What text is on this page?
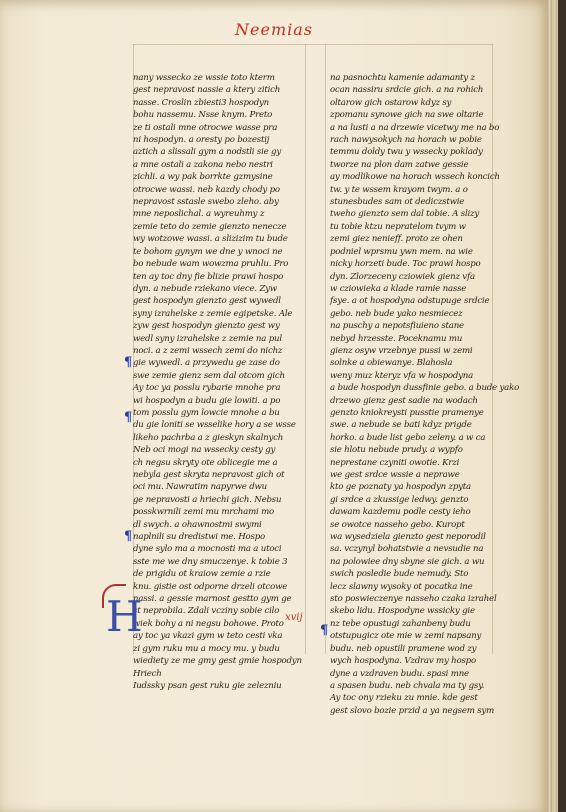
Neemias
nany wssecko ze wssie toto kterm
gest nepravost nassie a ktery zitich
nasse. Croslin zbiesti3 hospodyn
bohu nassemu. Nsse knym. Preto
ze ti ostali mne otrocwe wasse pra
ni hospodyn. a oresty po bozestij
aztich a slissali gym a nodstli sie gy
a mne ostali a zakona nebo nestri
zichli. a wy pak borrkte gzmysine
otrocwe wassi. neb kazdy chody po
nepravost sstasle swebo zleho. aby
mne neposlichal. a wyreuhmy z
zemie teto do zemie gienzto nenecze
wy wotzowe wassi. a slizizim tu bude
te bohom gynym we dne y wnoci ne
bo nebude wam wowzma pruhlu. Pro
ten ay toc dny fie blizie prawi hospo
dyn. a nebude rziekano viece. Zyw
gest hospodyn gienzto gest wywedl
syny izrahelske z zemie egipetske. Ale
zyw gest hospodyn gienzto gest wy
wedl syny izrahelske z zemie na pul
noci. a z zemi wssech zemi do nichz
gie wywedl. a przywedu ge zase do
swe zemie gienz sem dal otcom gich
Ay toc ya posslu rybarie mnohe pra
wi hospodyn a budu gie lowiti. a po
tom posslu gym lowcie mnohe a bu
du gie loniti se wsselike hory a se wsse
likeho pachrba a z gieskyn skalnych
Neb oci mogi na wssecky cesty gy
ch negsu skryty ote oblicegie me a
nebyla gest skryta nepravost gich ot
oci mu. Nawratim napyrwe dwu
ge nepravosti a hriechi gich. Nebsu
posskwrnili zemi mu mrchami mo
dl swych. a ohawnostmi swymi
naplnili su dredistwi me. Hospo
dyne sylo ma a mocnosti ma a utoci
sste me we dny smuczenye. k tobie 3
de prigidu ot kraiow zemie a rzie
knu. gistie ost odporne drzeli otcowe
nassi. a gessie marnost gestto gym ge
st neprobila. Zdali vcziny sobie cilo
wiek bohy a ni negsu bohowe. Proto
ay toc ya vkazi gym w teto cesti vka
zi gym ruku mu a mocy mu. y budu
wiediety ze me gmy gest gmie hospodyn
Hriech
Iudssky psan gest ruku gie zelezniu
na pasnochtu kamenie adamanty z
ocan nassiru srdcie gich. a na rohich
oltarow gich ostarow kdyz sy
zpomanu synowe gich na swe oltarie
a na lusti a na drzewie vicetwy me na bo
rach nawysokych na horach w pobie
temmu doldy twu y wssecky poklady
tworze na plon dam zatwe gessie
ay modlikowe na horach wssech koncich
tw. y te wssem krayom twym. a o
stunesbudes sam ot dediczstwie
tweho gienzto sem dal tobie. A slizy
tu tobie ktzu nepratelom tvym w
zemi giez nenieff. proto ze ohen
podniel wprsmu ywn mem. na wie
nicky horzeti bude. Toc prawi hospo
dyn. Zlorzeceny cziowiek gienz vfa
w cziowieka a klade ramie nasse
fsye. a ot hospodyna odstupuge srdcie
gebo. neb bude yako nesmiecez
na puschy a nepotsfiuieno stane
nebyd hrzesste. Poceknamu mu
gienz osyw vrzebnye pussi w zemi
solnke a obiewanye. Blahosla
weny muz kteryz vfa w hospodyna
a bude hospodyn dussfinie gebo. a bude yako
drzewo gienz gest sadie na wodach
genzto kniokreysti pusstie pramenye
swe. a nebude se bati kdyz prigde
horko. a bude list gebo zeleny. a w ca
sie hlotu nebude prudy. a wypfo
neprestane czyniti owotie. Krzi
we gest srdce wssie a neprawe
kto ge poznaty ya hospodyn zpyta
gi srdce a zkussige ledwy. genzto
dawam kazdemu podle cesty ieho
se owotce nasseho gebo. Kuropt
wa wysedziela gienzto gest neporodil
sa. vczynyl bohatstwie a nevsudie na
na polowiee dny sbyne sie gich. a wu
swich posledie bude nemudy. Sto
lecz slawny wysoky ot pocatka ine
sto poswieczenye nasseho czaka izrahel
skebo lidu. Hospodyne wssicky gie
nz tebe opustugi zahanbeny budu
otstupugicz ote mie w zemi napsany
budu. neb opustili pramene wod zy
wych hospodyna. Vzdrav my hospo
dyne a vzdraven budu. spasi mne
a spasen budu. neb chvala ma ty gsy.
Ay toc ony rzieku zu mnie. kde gest
gest slovo bozie przid a ya negsem sym
H	xvij
¶
¶
¶
¶
